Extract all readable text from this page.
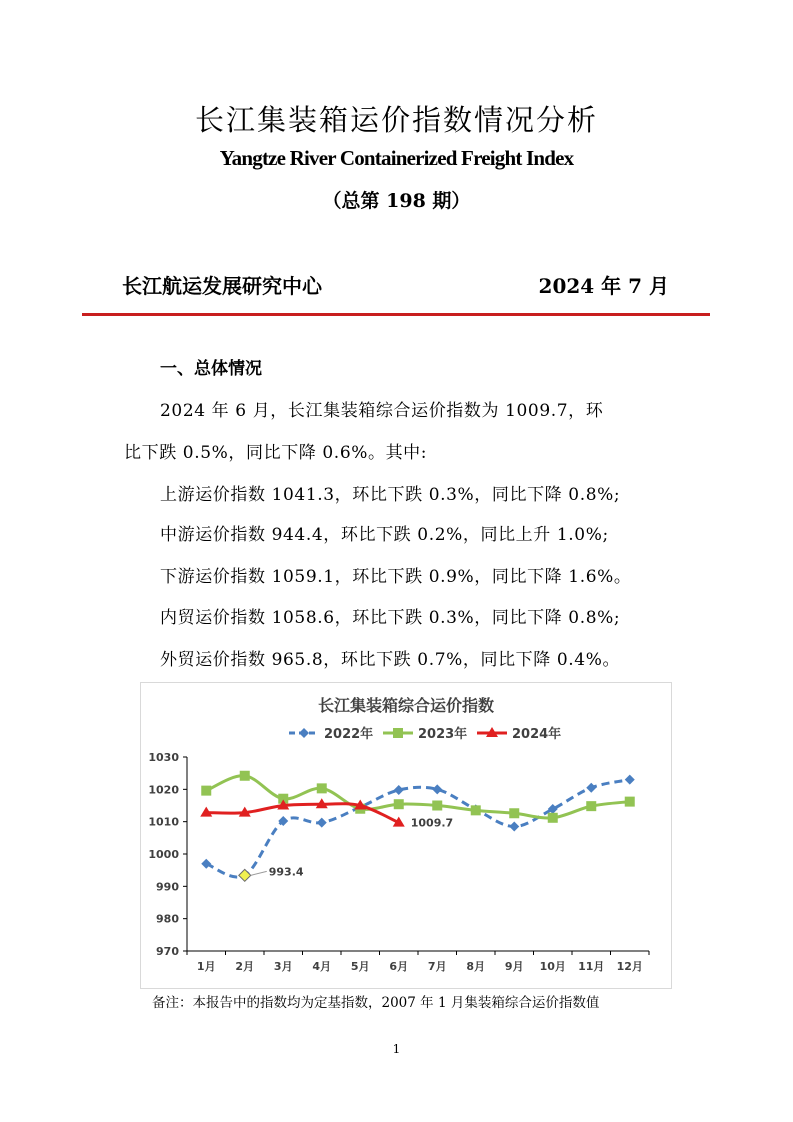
长江集装箱运价指数情况分析
Yangtze River Containerized Freight Index
（总第 198 期）
长江航运发展研究中心	2024 年 7 月
一、总体情况
2024 年 6 月，长江集装箱综合运价指数为 1009.7，环
比下跌 0.5%，同比下降 0.6%。其中:
上游运价指数 1041.3，环比下跌 0.3%，同比下降 0.8%;
中游运价指数 944.4，环比下跌 0.2%，同比上升 1.0%;
下游运价指数 1059.1，环比下跌 0.9%，同比下降 1.6%。
内贸运价指数 1058.6，环比下跌 0.3%，同比下降 0.8%;
外贸运价指数 965.8，环比下跌 0.7%，同比下降 0.4%。
长江集装箱综合运价指数
2022年	2023年	2024年
970
980
990
1000
1010
1020
1030
1月 2月 3月 4月 5月 6月 7月 8月 9月 10月 11月 12月
993.4
1009.7
备注：本报告中的指数均为定基指数，2007 年 1 月集装箱综合运价指数值
1
